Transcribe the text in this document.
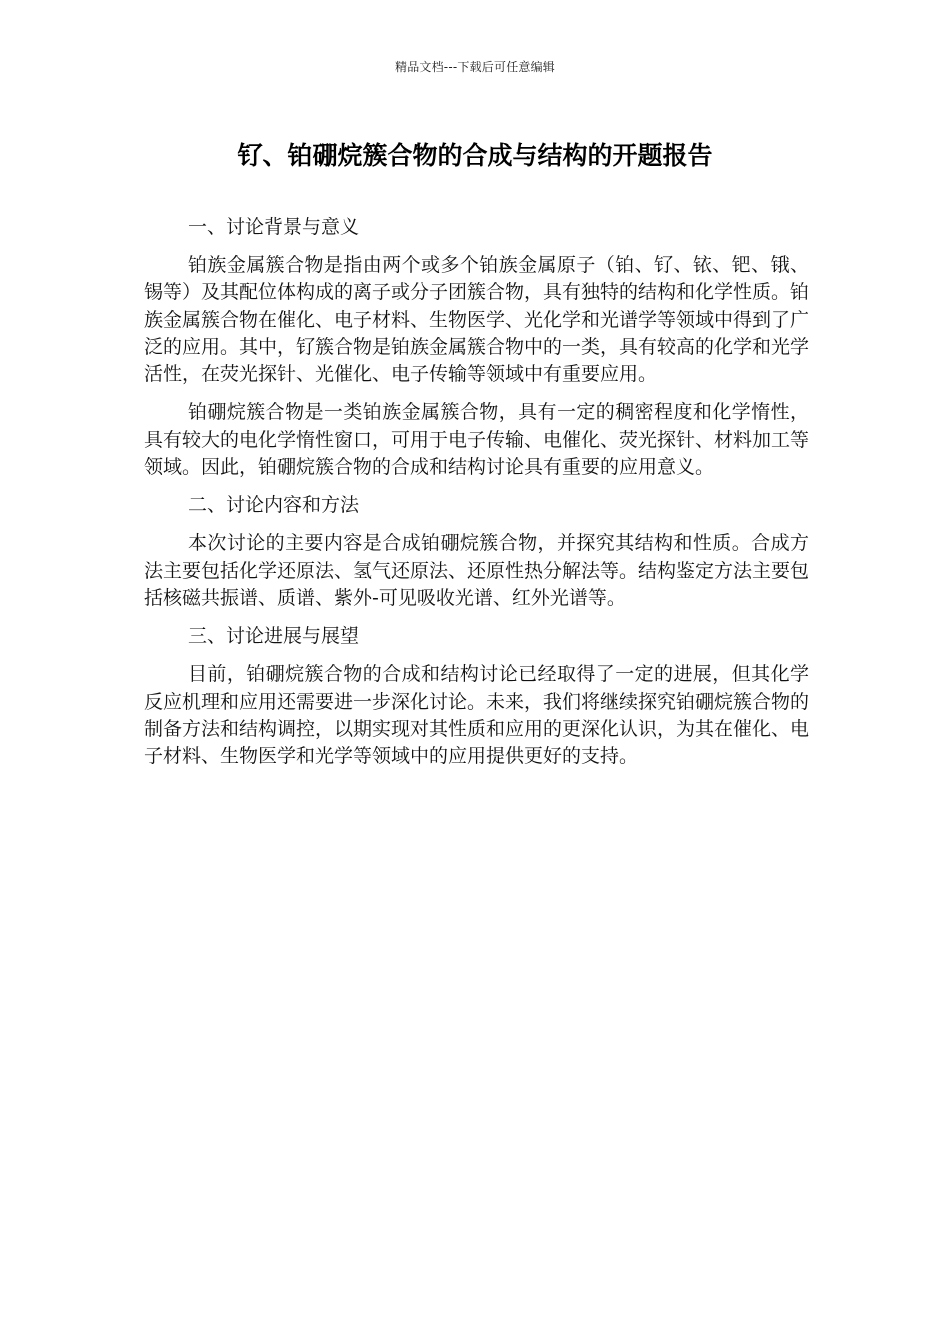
精品文档---下载后可任意编辑
钌、铂硼烷簇合物的合成与结构的开题报告

一、讨论背景与意义

铂族金属簇合物是指由两个或多个铂族金属原子（铂、钌、铱、钯、锇、锡等）及其配位体构成的离子或分子团簇合物，具有独特的结构和化学性质。铂族金属簇合物在催化、电子材料、生物医学、光化学和光谱学等领域中得到了广泛的应用。其中，钌簇合物是铂族金属簇合物中的一类，具有较高的化学和光学活性，在荧光探针、光催化、电子传输等领域中有重要应用。

铂硼烷簇合物是一类铂族金属簇合物，具有一定的稠密程度和化学惰性，具有较大的电化学惰性窗口，可用于电子传输、电催化、荧光探针、材料加工等领域。因此，铂硼烷簇合物的合成和结构讨论具有重要的应用意义。

二、讨论内容和方法

本次讨论的主要内容是合成铂硼烷簇合物，并探究其结构和性质。合成方法主要包括化学还原法、氢气还原法、还原性热分解法等。结构鉴定方法主要包括核磁共振谱、质谱、紫外-可见吸收光谱、红外光谱等。

三、讨论进展与展望

目前，铂硼烷簇合物的合成和结构讨论已经取得了一定的进展，但其化学反应机理和应用还需要进一步深化讨论。未来，我们将继续探究铂硼烷簇合物的制备方法和结构调控，以期实现对其性质和应用的更深化认识，为其在催化、电子材料、生物医学和光学等领域中的应用提供更好的支持。
